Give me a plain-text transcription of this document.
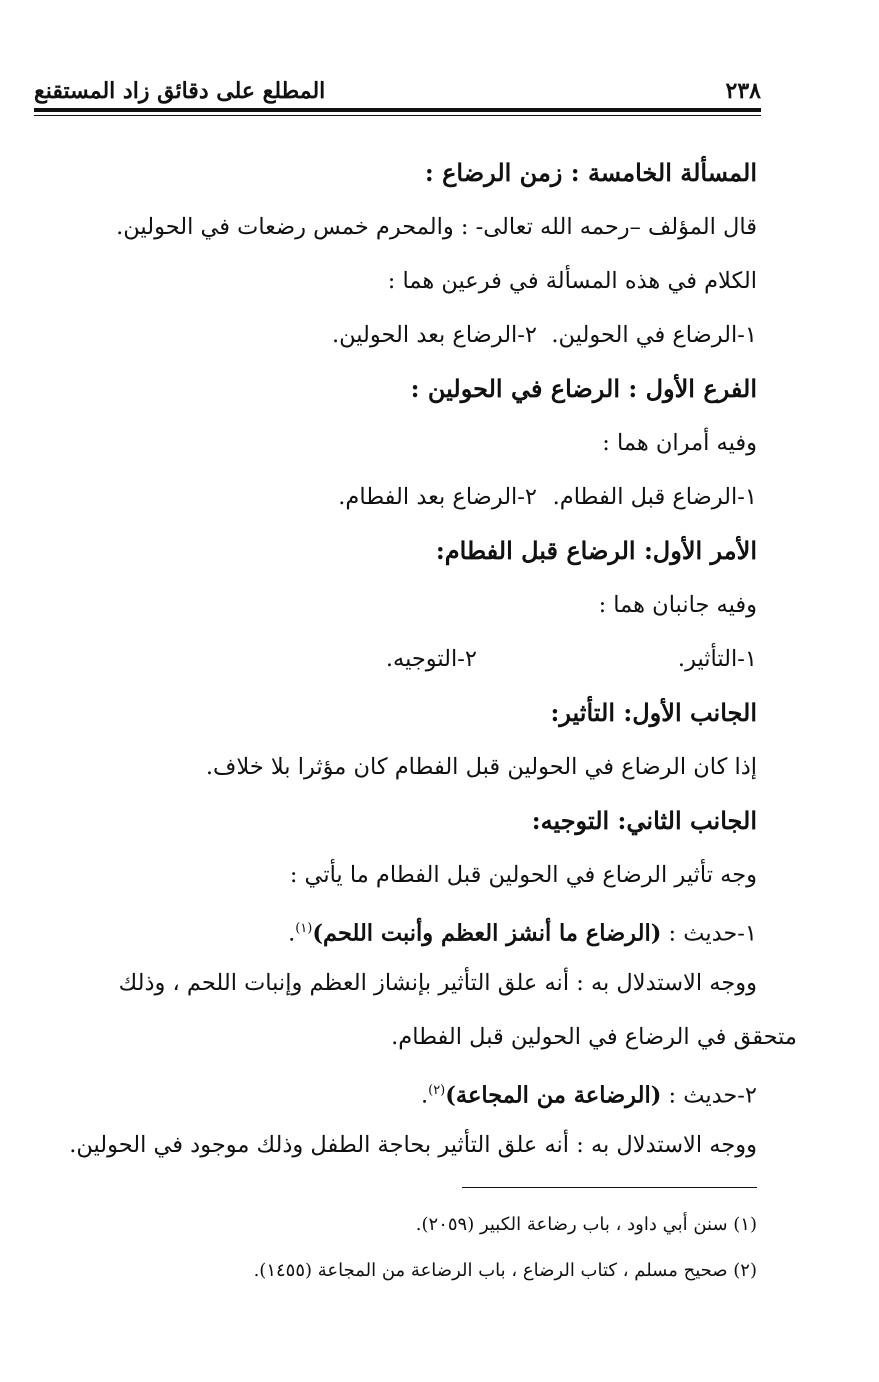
٢٣٨
المطلع على دقائق زاد المستقنع
المسألة الخامسة : زمن الرضاع :
قال المؤلف –رحمه الله تعالى- : والمحرم خمس رضعات في الحولين.
الكلام في هذه المسألة في فرعين هما :
١-الرضاع في الحولين.
٢-الرضاع بعد الحولين.
الفرع الأول : الرضاع في الحولين :
وفيه أمران هما :
١-الرضاع قبل الفطام.
٢-الرضاع بعد الفطام.
الأمر الأول: الرضاع قبل الفطام:
وفيه جانبان هما :
١-التأثير.
٢-التوجيه.
الجانب الأول: التأثير:
إذا كان الرضاع في الحولين قبل الفطام كان مؤثرا بلا خلاف.
الجانب الثاني: التوجيه:
وجه تأثير الرضاع في الحولين قبل الفطام ما يأتي :
١-حديث : (الرضاع ما أنشز العظم وأنبت اللحم)$^{(١)}$.
ووجه الاستدلال به : أنه علق التأثير بإنشاز العظم وإنبات اللحم ، وذلك
متحقق في الرضاع في الحولين قبل الفطام.
٢-حديث : (الرضاعة من المجاعة)$^{(٢)}$.
ووجه الاستدلال به : أنه علق التأثير بحاجة الطفل وذلك موجود في الحولين.
(١) سنن أبي داود ، باب رضاعة الكبير (٢٠٥٩).
(٢) صحيح مسلم ، كتاب الرضاع ، باب الرضاعة من المجاعة (١٤٥٥).
